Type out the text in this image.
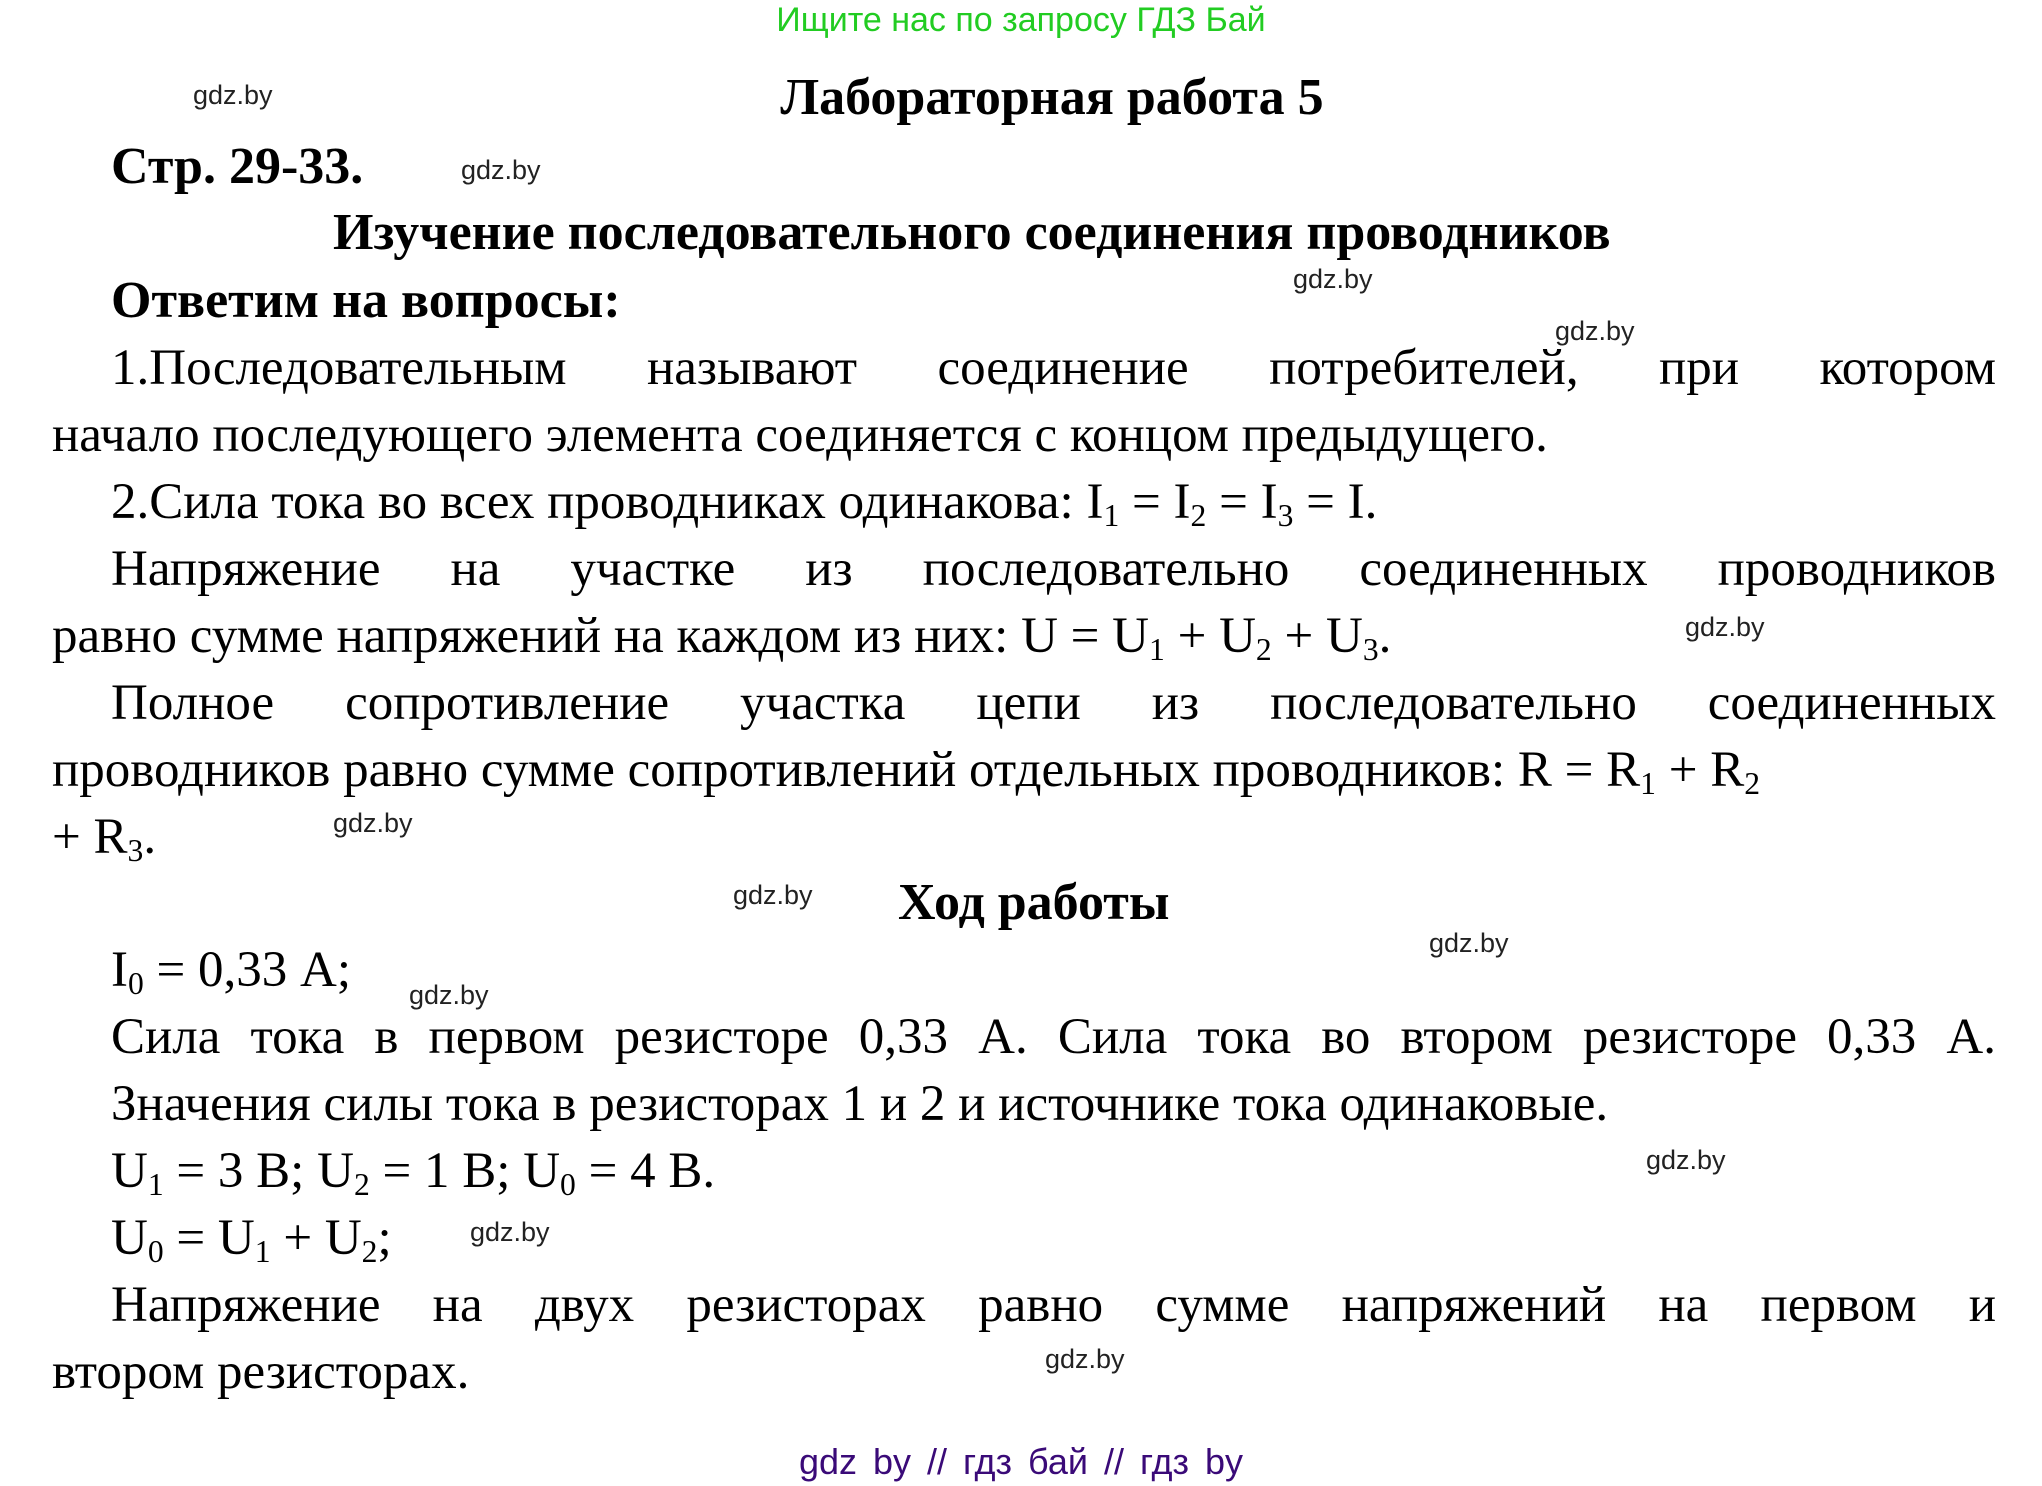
Ищите нас по запросу ГДЗ Бай
gdz.by	Лабораторная работа 5
Стр. 29-33.	gdz.by
Изучение последовательного соединения проводников
gdz.by
Ответим на вопросы:
gdz.by
1.Последовательным называют соединение потребителей, при котором
начало последующего элемента соединяется с концом предыдущего.
2.Сила тока во всех проводниках одинакова: $I_1 = I_2 = I_3 = I$.
Напряжение на участке из последовательно соединенных проводников
равно сумме напряжений на каждом из них: $U = U_1 + U_2 + U_3$.	gdz.by
Полное сопротивление участка цепи из последовательно соединенных
проводников равно сумме сопротивлений отдельных проводников: $R = R_1 + R_2$
+ $R_3$.	gdz.by
gdz.by Ход работы
gdz.by
$I_0 = 0,33$ А; gdz.by
Сила тока в первом резисторе 0,33 А. Сила тока во втором резисторе 0,33 А.
Значения силы тока в резисторах 1 и 2 и источнике тока одинаковые.
$U_1 = 3$ В; $U_2 = 1$ В; $U_0 = 4$ В.	gdz.by
$U_0 = U_1 + U_2$;	gdz.by
Напряжение на двух резисторах равно сумме напряжений на первом и
gdz.by
втором резисторах.
gdz by // гдз бай // гдз by
